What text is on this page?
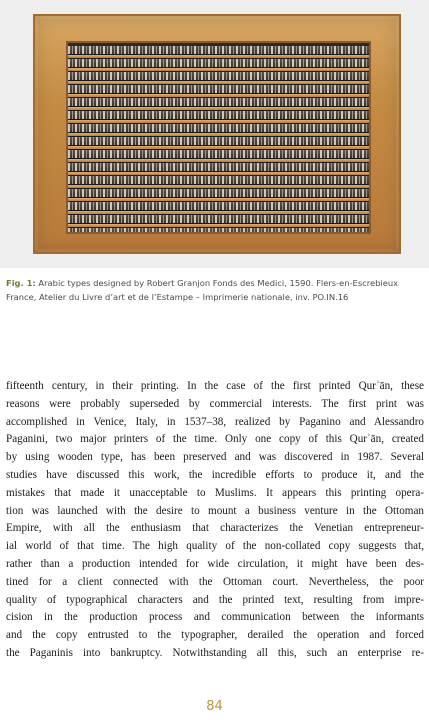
Fig. 1: Arabic types designed by Robert Granjon Fonds des Medici, 1590. Flers-en-Escrebieux France, Atelier du Livre d’art et de l’Estampe – Imprimerie nationale, inv. PO.IN.16

fifteenth century, in their printing. In the case of the first printed Qurʾān, these
reasons were probably superseded by commercial interests. The first print was
accomplished in Venice, Italy, in 1537–38, realized by Paganino and Alessandro
Paganini, two major printers of the time. Only one copy of this Qurʾān, created
by using wooden type, has been preserved and was discovered in 1987. Several
studies have discussed this work, the incredible efforts to produce it, and the
mistakes that made it unacceptable to Muslims. It appears this printing opera-
tion was launched with the desire to mount a business venture in the Ottoman
Empire, with all the enthusiasm that characterizes the Venetian entrepreneur-
ial world of that time. The high quality of the non-collated copy suggests that,
rather than a production intended for wide circulation, it might have been des-
tined for a client connected with the Ottoman court. Nevertheless, the poor
quality of typographical characters and the printed text, resulting from impre-
cision in the production process and communication between the informants
and the copy entrusted to the typographer, derailed the operation and forced
the Paganinis into bankruptcy. Notwithstanding all this, such an enterprise re-

84
